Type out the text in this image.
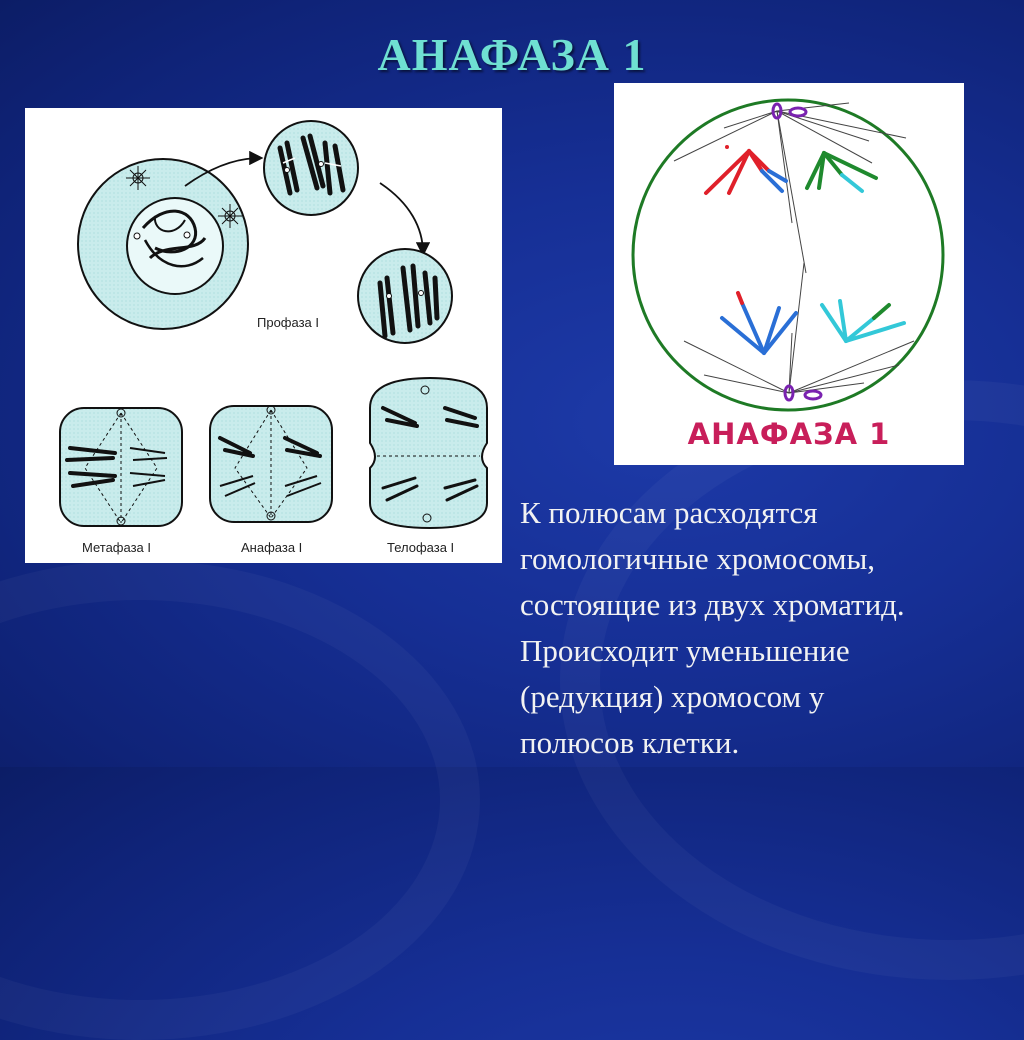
АНАФАЗА 1
Профаза I
Метафаза I	Анафаза I	Телофаза I
АНАФАЗА 1
К полюсам расходятся
гомологичные хромосомы,
состоящие из двух хроматид.
Происходит уменьшение
(редукция) хромосом у
полюсов клетки.
